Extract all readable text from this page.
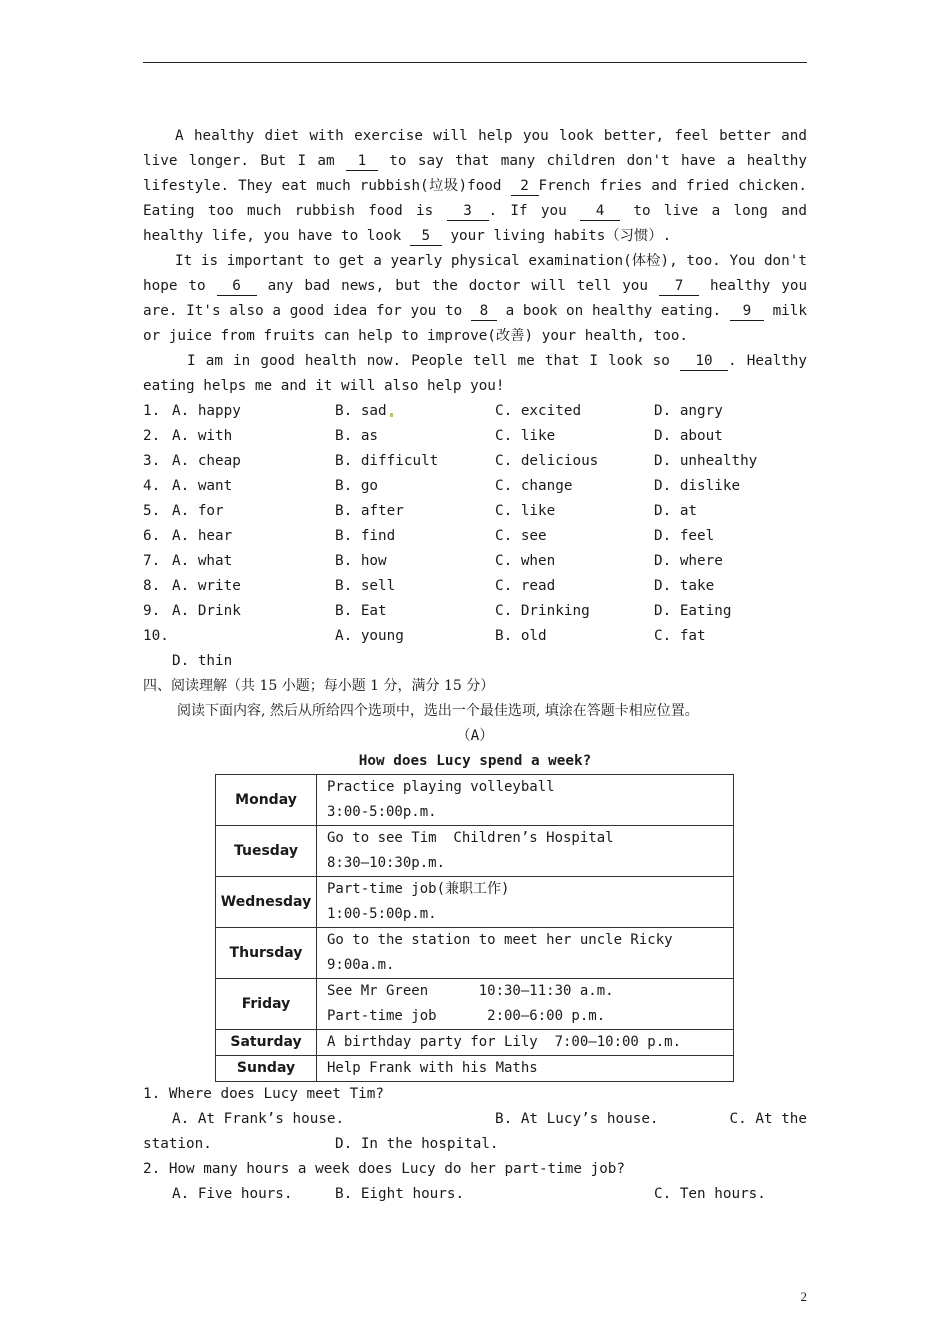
A healthy diet with exercise will help you look better, feel better and live longer. But I am 1 to say that many children don't have a healthy lifestyle. They eat much rubbish(垃圾)food 2 French fries and fried chicken. Eating too much rubbish food is 3 . If you 4 to live a long and healthy life, you have to look 5 your living habits（习惯）.

It is important to get a yearly physical examination(体检), too. You don't hope to 6 any bad news, but the doctor will tell you 7 healthy you are. It's also a good idea for you to 8 a book on healthy eating. 9 milk or juice from fruits can help to improve(改善) your health, too.

I am in good health now. People tell me that I look so 10 . Healthy eating helps me and it will also help you!

1. A. happy	B. sad	C. excited	D. angry
2. A. with	B. as	C. like	D. about
3. A. cheap	B. difficult	C. delicious	D. unhealthy
4. A. want	B. go	C. change	D. dislike
5. A. for	B. after	C. like	D. at
6. A. hear	B. find	C. see	D. feel
7. A. what	B. how	C. when	D. where
8. A. write	B. sell	C. read	D. take
9. A. Drink	B. Eat	C. Drinking	D. Eating
10.	A. young	B. old	C. fat
D. thin

四、阅读理解（共 15 小题；每小题 1 分，满分 15 分）

阅读下面内容, 然后从所给四个选项中，选出一个最佳选项, 填涂在答题卡相应位置。

（A）
How does Lucy spend a week?
Monday	Practice playing volleyball
3:00-5:00p.m.

Tuesday	Go to see Tim  Children’s Hospital
8:30—10:30p.m.

Wednesday	Part-time job(兼职工作)
1:00-5:00p.m.

Thursday	Go to the station to meet her uncle Ricky
9:00a.m.

Friday	See Mr Green      10:30—11:30 a.m.
Part-time job      2:00—6:00 p.m.

Saturday	A birthday party for Lily  7:00—10:00 p.m.

Sunday	Help Frank with his Maths

1. Where does Lucy meet Tim?

A. At Frank’s house.	B. At Lucy’s house.	C. At the
station.	D. In the hospital.

2. How many hours a week does Lucy do her part-time job?

A. Five hours.	B. Eight hours.	C. Ten hours.
2
